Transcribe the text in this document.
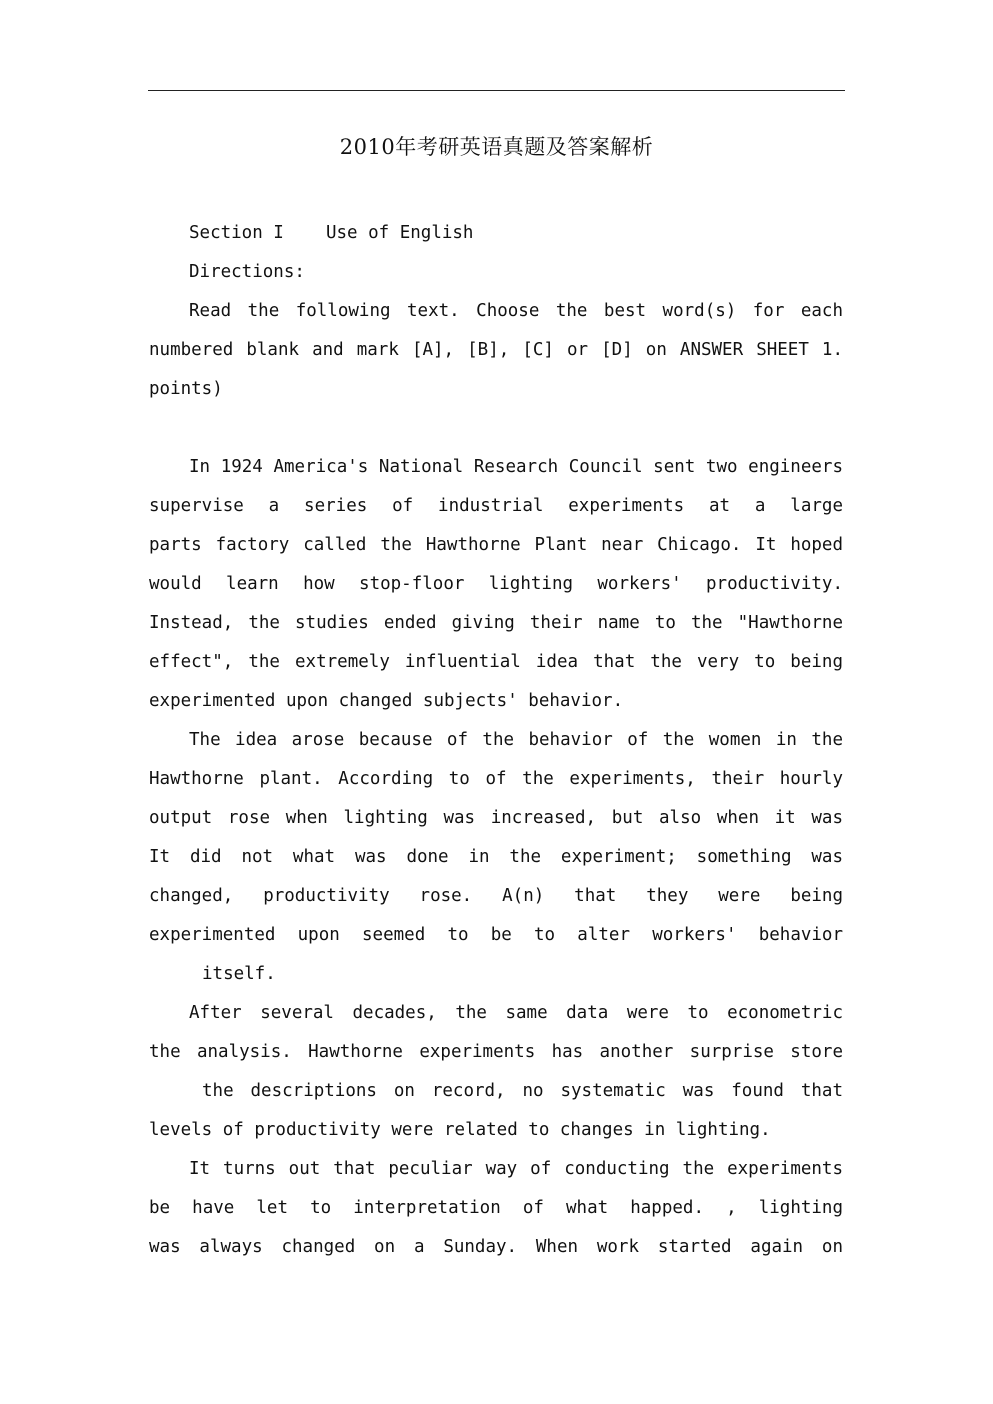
2010年考研英语真题及答案解析
Section I    Use of English
Directions:
Read the following text. Choose the best word(s) for each
numbered blank and mark [A], [B], [C] or [D] on ANSWER SHEET 1.
points)
In 1924 America's National Research Council sent two engineers
supervise a series of industrial experiments at a large
parts factory called the Hawthorne Plant near Chicago. It hoped
would learn how stop-floor lighting workers' productivity.
Instead, the studies ended giving their name to the "Hawthorne
effect", the extremely influential idea that the very to being
experimented upon changed subjects' behavior.
The idea arose because of the behavior of the women in the
Hawthorne plant. According to of the experiments, their hourly
output rose when lighting was increased, but also when it was
It did not what was done in the experiment; something was
changed, productivity rose. A(n) that they were being
experimented upon seemed to be to alter workers' behavior
itself.
After several decades, the same data were to econometric
the analysis. Hawthorne experiments has another surprise store
the descriptions on record, no systematic was found that
levels of productivity were related to changes in lighting.
It turns out that peculiar way of conducting the experiments
be have let to interpretation of what happed. , lighting
was always changed on a Sunday. When work started again on
